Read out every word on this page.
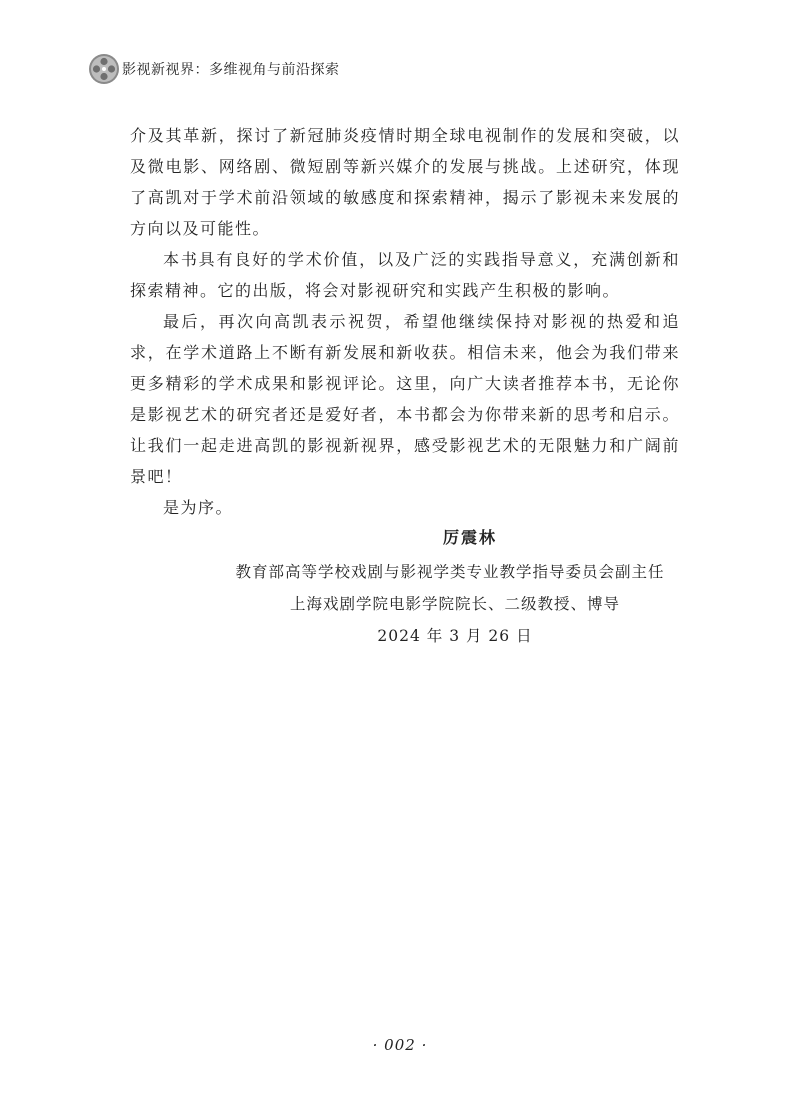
影视新视界：多维视角与前沿探索

介及其革新，探讨了新冠肺炎疫情时期全球电视制作的发展和突破，以及微电影、网络剧、微短剧等新兴媒介的发展与挑战。上述研究，体现了高凯对于学术前沿领域的敏感度和探索精神，揭示了影视未来发展的方向以及可能性。

本书具有良好的学术价值，以及广泛的实践指导意义，充满创新和探索精神。它的出版，将会对影视研究和实践产生积极的影响。

最后，再次向高凯表示祝贺，希望他继续保持对影视的热爱和追求，在学术道路上不断有新发展和新收获。相信未来，他会为我们带来更多精彩的学术成果和影视评论。这里，向广大读者推荐本书，无论你是影视艺术的研究者还是爱好者，本书都会为你带来新的思考和启示。让我们一起走进高凯的影视新视界，感受影视艺术的无限魅力和广阔前景吧！

是为序。

厉震林
教育部高等学校戏剧与影视学类专业教学指导委员会副主任
上海戏剧学院电影学院院长、二级教授、博导
2024 年 3 月 26 日
· 002 ·
